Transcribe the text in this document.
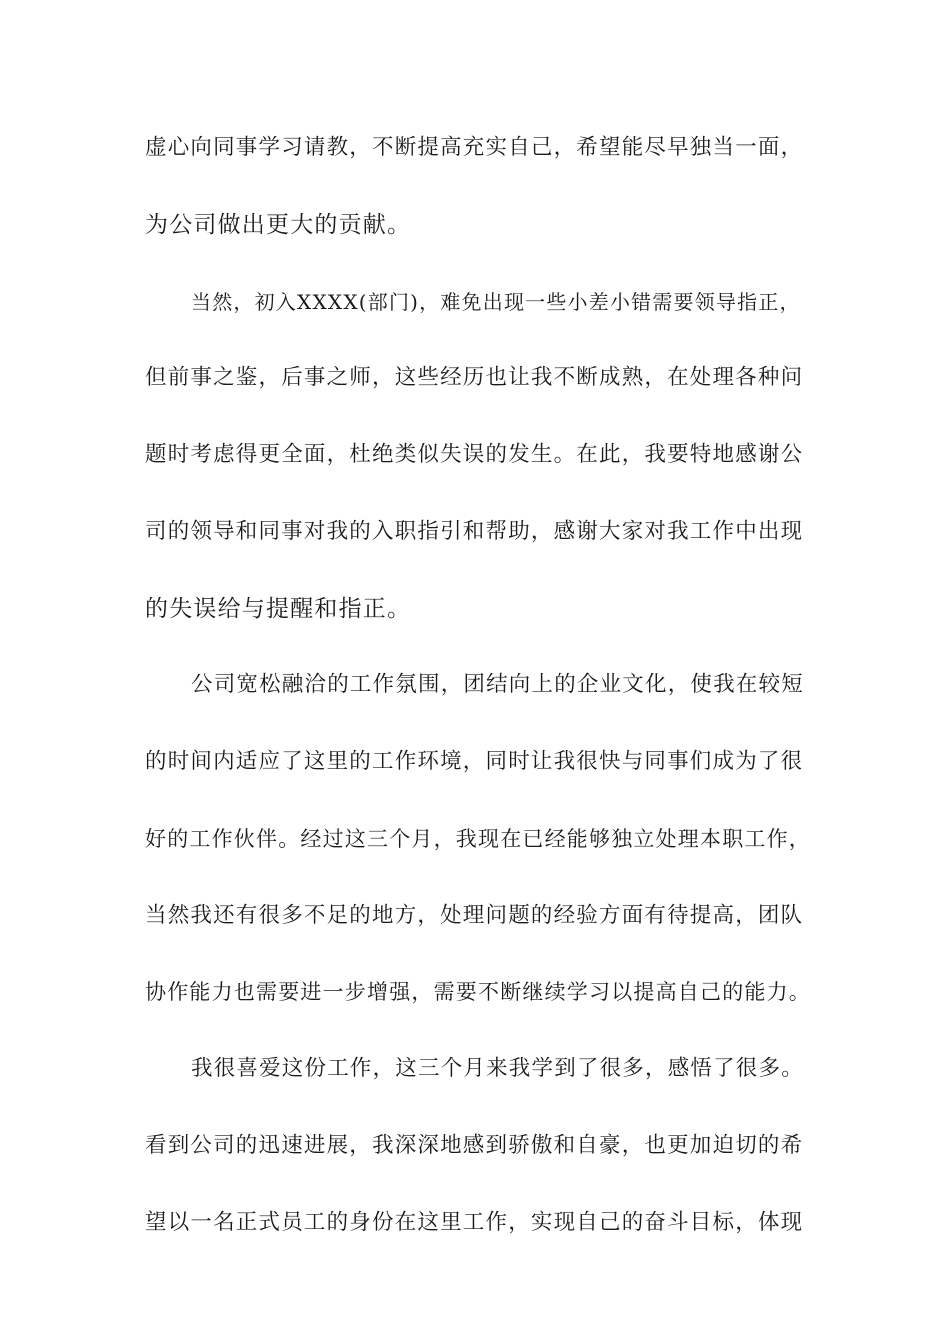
虚心向同事学习请教，不断提高充实自己，希望能尽早独当一面，
为公司做出更大的贡献。
当然，初入XXXX(部门)，难免出现一些小差小错需要领导指正，
但前事之鉴，后事之师，这些经历也让我不断成熟，在处理各种问
题时考虑得更全面，杜绝类似失误的发生。在此，我要特地感谢公
司的领导和同事对我的入职指引和帮助，感谢大家对我工作中出现
的失误给与提醒和指正。
公司宽松融洽的工作氛围，团结向上的企业文化，使我在较短
的时间内适应了这里的工作环境，同时让我很快与同事们成为了很
好的工作伙伴。经过这三个月，我现在已经能够独立处理本职工作，
当然我还有很多不足的地方，处理问题的经验方面有待提高，团队
协作能力也需要进一步增强，需要不断继续学习以提高自己的能力。
我很喜爱这份工作，这三个月来我学到了很多，感悟了很多。
看到公司的迅速进展，我深深地感到骄傲和自豪，也更加迫切的希
望以一名正式员工的身份在这里工作，实现自己的奋斗目标，体现
